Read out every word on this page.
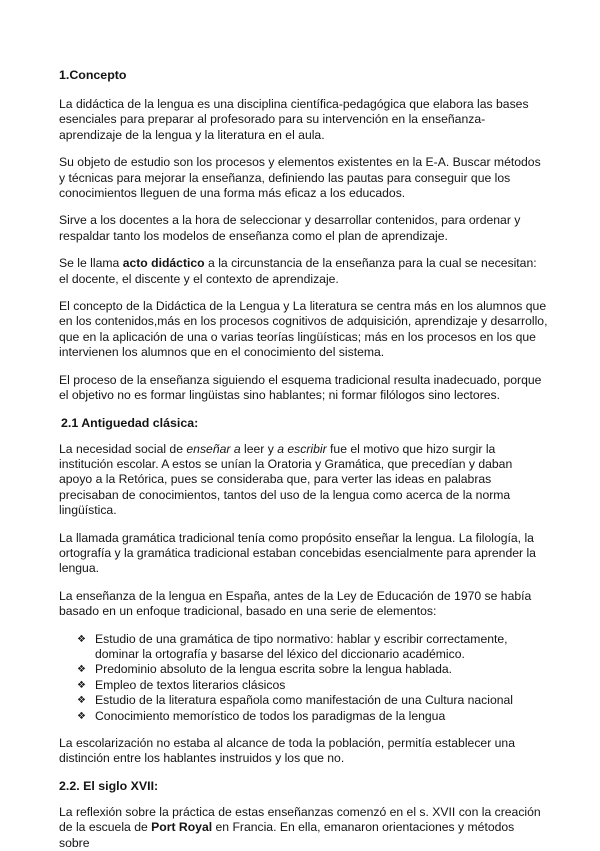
1.Concepto

La didáctica de la lengua es una disciplina científica-pedagógica que elabora las bases esenciales para preparar al profesorado para su intervención en la enseñanza-aprendizaje de la lengua y la literatura en el aula.

Su objeto de estudio son los procesos y elementos existentes en la E-A. Buscar métodos y técnicas para mejorar la enseñanza, definiendo las pautas para conseguir que los conocimientos lleguen de una forma más eficaz a los educados.

Sirve a los docentes a la hora de seleccionar y desarrollar contenidos, para ordenar y respaldar tanto los modelos de enseñanza como el plan de aprendizaje.

Se le llama acto didáctico a la circunstancia de la enseñanza para la cual se necesitan: el docente, el discente y el contexto de aprendizaje.

El concepto de la Didáctica de la Lengua y La literatura se centra más en los alumnos que en los contenidos,más en los procesos cognitivos de adquisición, aprendizaje y desarrollo, que en la aplicación de una o varias teorías lingüísticas; más en los procesos en los que intervienen los alumnos que en el conocimiento del sistema.

El proceso de la enseñanza siguiendo el esquema tradicional resulta inadecuado, porque el objetivo no es formar lingüistas sino hablantes; ni formar filólogos sino lectores.

2.1 Antiguedad clásica:

La necesidad social de enseñar a leer y a escribir fue el motivo que hizo surgir la institución escolar. A estos se unían la Oratoria y Gramática, que precedían y daban apoyo a la Retórica, pues se consideraba que, para verter las ideas en palabras precisaban de conocimientos, tantos del uso de la lengua como acerca de la norma lingüística.

La llamada gramática tradicional tenía como propósito enseñar la lengua. La filología, la ortografía y la gramática tradicional estaban concebidas esencialmente para aprender la lengua.

La enseñanza de la lengua en España, antes de la Ley de Educación de 1970 se había basado en un enfoque tradicional, basado en una serie de elementos:

❖ Estudio de una gramática de tipo normativo: hablar y escribir correctamente, dominar la ortografía y basarse del léxico del diccionario académico.
❖ Predominio absoluto de la lengua escrita sobre la lengua hablada.
❖ Empleo de textos literarios clásicos
❖ Estudio de la literatura española como manifestación de una Cultura nacional
❖ Conocimiento memorístico de todos los paradigmas de la lengua

La escolarización no estaba al alcance de toda la población, permitía establecer una distinción entre los hablantes instruidos y los que no.

2.2. El siglo XVII:

La reflexión sobre la práctica de estas enseñanzas comenzó en el s. XVII con la creación de la escuela de Port Royal en Francia. En ella, emanaron orientaciones y métodos sobre
